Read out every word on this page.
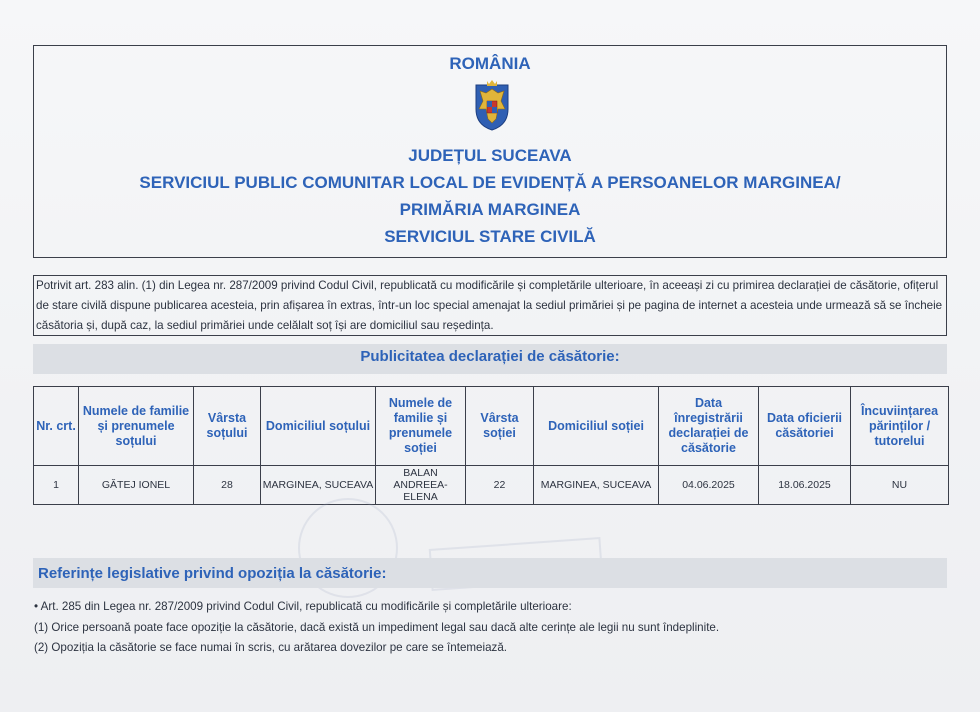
ROMÂNIA
JUDEȚUL SUCEAVA
SERVICIUL PUBLIC COMUNITAR LOCAL DE EVIDENȚĂ A PERSOANELOR MARGINEA/
PRIMĂRIA MARGINEA
SERVICIUL STARE CIVILĂ
Potrivit art. 283 alin. (1) din Legea nr. 287/2009 privind Codul Civil, republicată cu modificările și completările ulterioare, în aceeași zi cu primirea declarației de căsătorie, ofițerul de stare civilă dispune publicarea acesteia, prin afișarea în extras, într-un loc special amenajat la sediul primăriei și pe pagina de internet a acesteia unde urmează să se încheie căsătoria și, după caz, la sediul primăriei unde celălalt soț își are domiciliul sau reședința.
Publicitatea declarației de căsătorie:
Nr. crt.	Numele de familie și prenumele soțului	Vârsta soțului	Domiciliul soțului	Numele de familie și prenumele soției	Vârsta soției	Domiciliul soției	Data înregistrării declarației de căsătorie	Data oficierii căsătoriei	Încuviințarea părinților / tutorelui
1	GĂTEJ IONEL	28	MARGINEA, SUCEAVA	BALAN ANDREEA-ELENA	22	MARGINEA, SUCEAVA	04.06.2025	18.06.2025	NU
Referințe legislative privind opoziția la căsătorie:
• Art. 285 din Legea nr. 287/2009 privind Codul Civil, republicată cu modificările și completările ulterioare:
(1) Orice persoană poate face opoziție la căsătorie, dacă există un impediment legal sau dacă alte cerințe ale legii nu sunt îndeplinite.
(2) Opoziția la căsătorie se face numai în scris, cu arătarea dovezilor pe care se întemeiază.
